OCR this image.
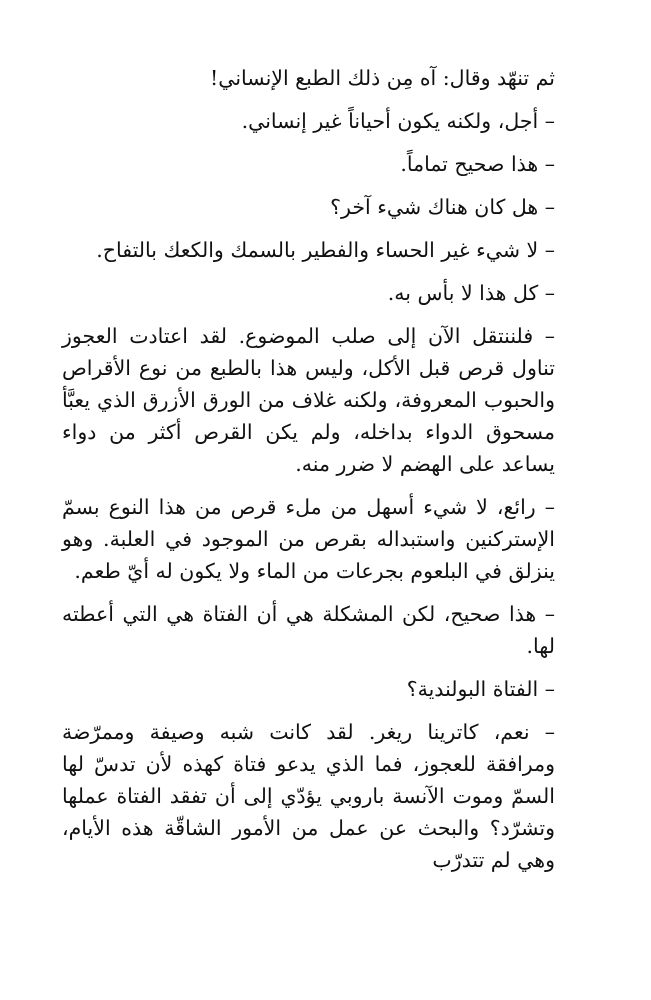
ثم تنهّد وقال: آه مِن ذلك الطبع الإنساني!

– أجل، ولكنه يكون أحياناً غير إنساني.

– هذا صحيح تماماً.

– هل كان هناك شيء آخر؟

– لا شيء غير الحساء والفطير بالسمك والكعك بالتفاح.

– كل هذا لا بأس به.

– فلننتقل الآن إلى صلب الموضوع. لقد اعتادت العجوز تناول قرص قبل الأكل، وليس هذا بالطبع من نوع الأقراص والحبوب المعروفة، ولكنه غلاف من الورق الأزرق الذي يعبَّأ مسحوق الدواء بداخله، ولم يكن القرص أكثر من دواء يساعد على الهضم لا ضرر منه.

– رائع، لا شيء أسهل من ملء قرص من هذا النوع بسمّ الإستركنين واستبداله بقرص من الموجود في العلبة. وهو ينزلق في البلعوم بجرعات من الماء ولا يكون له أيّ طعم.

– هذا صحيح، لكن المشكلة هي أن الفتاة هي التي أعطته لها.

– الفتاة البولندية؟

– نعم، كاترينا ريغر. لقد كانت شبه وصيفة وممرّضة ومرافقة للعجوز، فما الذي يدعو فتاة كهذه لأن تدسّ لها السمّ وموت الآنسة باروبي يؤدّي إلى أن تفقد الفتاة عملها وتشرّد؟ والبحث عن عمل من الأمور الشاقّة هذه الأيام، وهي لم تتدرّب
